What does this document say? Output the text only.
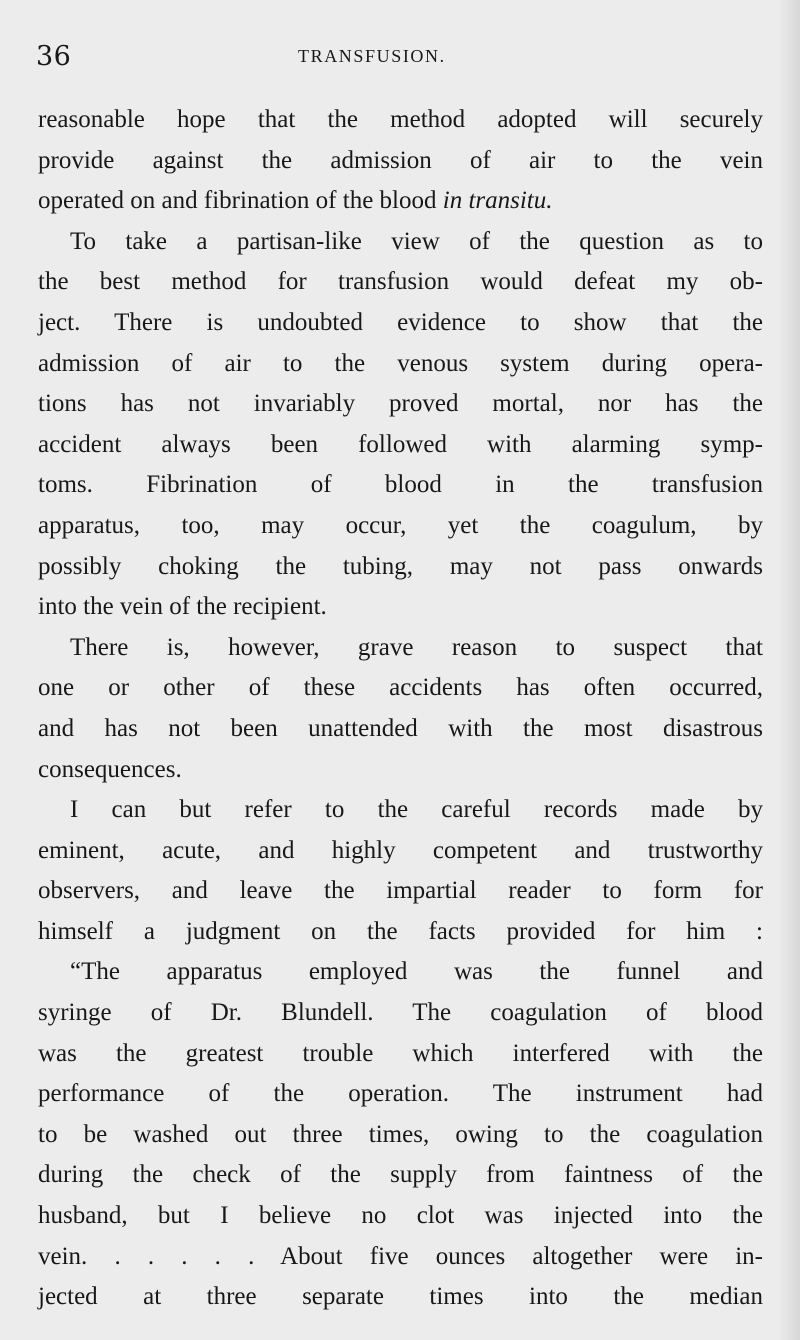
36	TRANSFUSION.
reasonable hope that the method adopted will securely
provide against the admission of air to the vein
operated on and fibrination of the blood in transitu.
To take a partisan-like view of the question as to
the best method for transfusion would defeat my ob-
ject. There is undoubted evidence to show that the
admission of air to the venous system during opera-
tions has not invariably proved mortal, nor has the
accident always been followed with alarming symp-
toms. Fibrination of blood in the transfusion
apparatus, too, may occur, yet the coagulum, by
possibly choking the tubing, may not pass onwards
into the vein of the recipient.
There is, however, grave reason to suspect that
one or other of these accidents has often occurred,
and has not been unattended with the most disastrous
consequences.
I can but refer to the careful records made by
eminent, acute, and highly competent and trustworthy
observers, and leave the impartial reader to form for
himself a judgment on the facts provided for him :
“The apparatus employed was the funnel and
syringe of Dr. Blundell. The coagulation of blood
was the greatest trouble which interfered with the
performance of the operation. The instrument had
to be washed out three times, owing to the coagulation
during the check of the supply from faintness of the
husband, but I believe no clot was injected into the
vein. . . . . . About five ounces altogether were in-
jected at three separate times into the median
